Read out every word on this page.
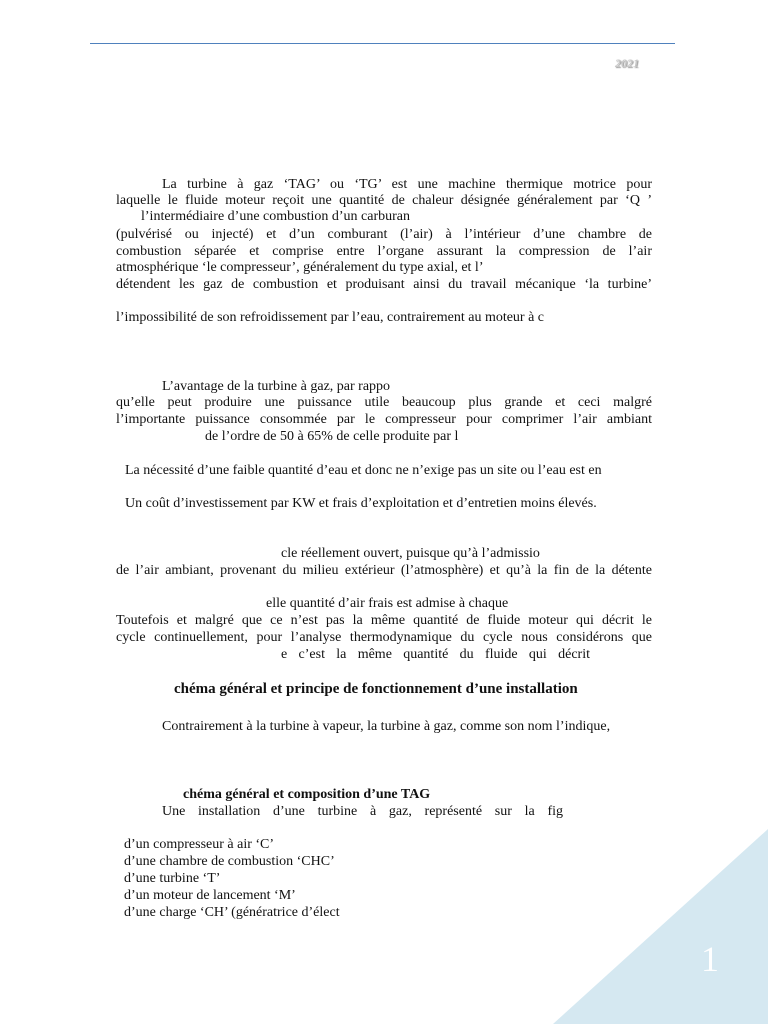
2021
La turbine à gaz ‘TAG’ ou ‘TG’ est une machine thermique motrice pour
laquelle le fluide moteur reçoit une quantité de chaleur désignée généralement par ‘Q ’
l’intermédiaire d’une combustion d’un carburan
(pulvérisé ou injecté) et d’un comburant (l’air) à l’intérieur d’une chambre de
combustion séparée et comprise entre l’organe assurant la compression de l’air
atmosphérique ‘le compresseur’, généralement du type axial, et l’
détendent les gaz de combustion et produisant ainsi du travail mécanique ‘la turbine’
l’impossibilité de son refroidissement par l’eau, contrairement au moteur à c
L’avantage de la turbine à gaz, par rappo
qu’elle peut produire une puissance utile beaucoup plus grande et ceci malgré
l’importante puissance consommée par le compresseur pour comprimer l’air ambiant
de l’ordre de 50 à 65% de celle produite par l
La nécessité d’une faible quantité d’eau et donc ne n’exige pas un site ou l’eau est en
Un coût d’investissement par KW et frais d’exploitation et d’entretien moins élevés.
cle réellement ouvert, puisque qu’à l’admissio
de l’air ambiant, provenant du milieu extérieur (l’atmosphère) et qu’à la fin de la détente
elle quantité d’air frais est admise à chaque
Toutefois et malgré que ce n’est pas la même quantité de fluide moteur qui décrit le
cycle continuellement, pour l’analyse thermodynamique du cycle nous considérons que
e c’est la même quantité du fluide qui décrit
chéma général et principe de fonctionnement d’une installation
Contrairement à la turbine à vapeur, la turbine à gaz, comme son nom l’indique,
chéma général et composition d’une TAG
Une installation d’une turbine à gaz, représenté sur la fig
d’un compresseur à air ‘C’
d’une chambre de combustion ‘CHC’
d’une turbine ‘T’
d’un moteur de lancement ‘M’
d’une charge ‘CH’ (génératrice d’élect
1
